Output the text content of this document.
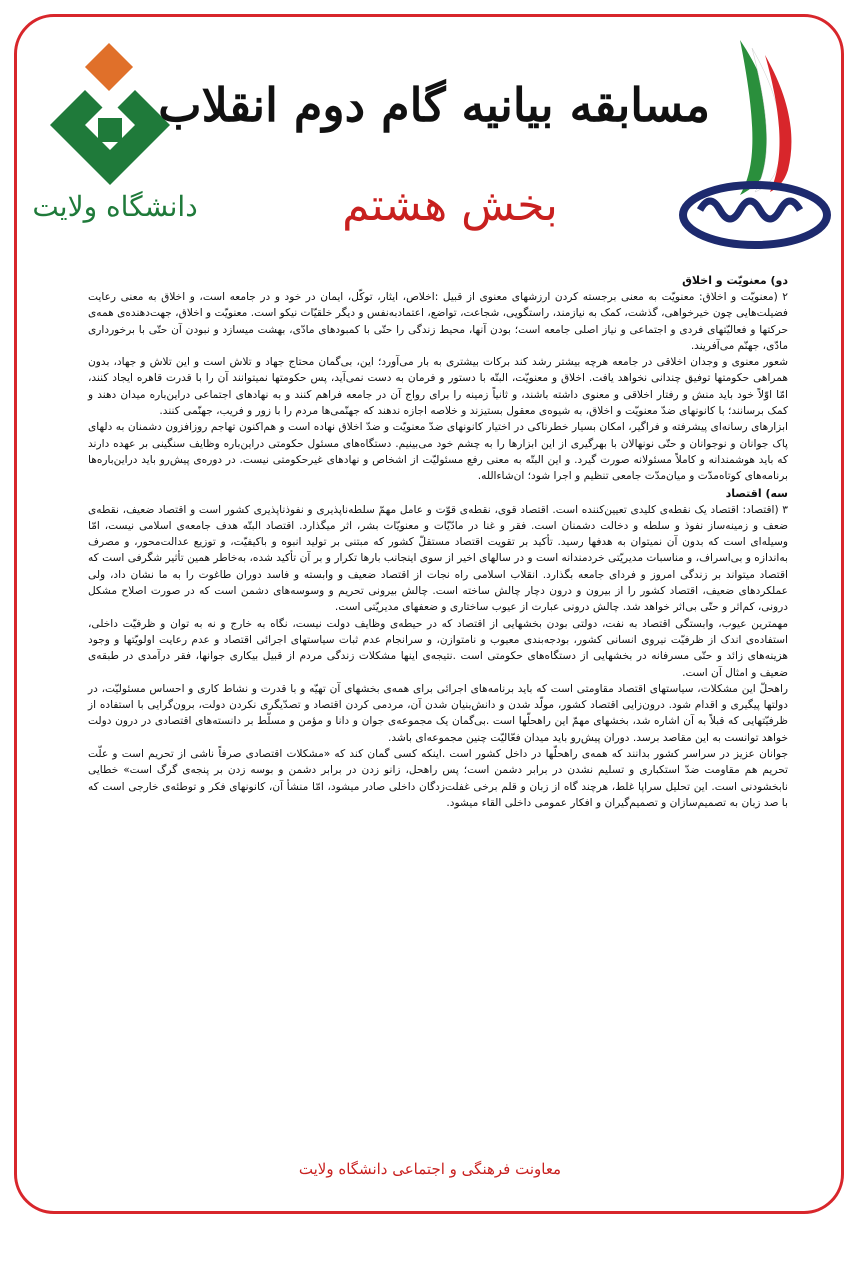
دانشگاه ولایت
مسابقه بیانیه گام دوم انقلاب
بخش هشتم
دو) معنویّت و اخلاق

۲ (معنویّت و اخلاق: معنویّت به معنی برجسته کردن ارزشهای معنوی از قبیل :اخلاص، ایثار، توکّل، ایمان در خود و در جامعه است، و اخلاق به معنی رعایت فضیلت‌هایی چون خیرخواهی، گذشت، کمک به نیازمند، راستگویی، شجاعت، تواضع، اعتمادبه‌نفس و دیگر خلقیّات نیکو است. معنویّت و اخلاق، جهت‌دهنده‌ی همه‌ی حرکتها و فعالیّتهای فردی و اجتماعی و نیاز اصلی جامعه است؛ بودن آنها، محیط زندگی را حتّی با کمبودهای مادّی، بهشت میسازد و نبودن آن حتّی با برخورداری مادّی، جهنّم می‌آفریند.

شعور معنوی و وجدان اخلاقی در جامعه هرچه بیشتر رشد کند برکات بیشتری به بار می‌آورد؛ این، بی‌گمان محتاج جهاد و تلاش است و این تلاش و جهاد، بدون همراهی حکومتها توفیق چندانی نخواهد یافت. اخلاق و معنویّت، البتّه با دستور و فرمان به دست نمی‌آید، پس حکومتها نمیتوانند آن را با قدرت قاهره ایجاد کنند، امّا اوّلاً خود باید منش و رفتار اخلاقی و معنوی داشته باشند، و ثانیاً زمینه را برای رواج آن در جامعه فراهم کنند و به نهادهای اجتماعی دراین‌باره میدان دهند و کمک برسانند؛ با کانونهای ضدّ معنویّت و اخلاق، به شیوه‌ی معقول بستیزند و خلاصه اجازه ندهند که جهنّمی‌ها مردم را با زور و فریب، جهنّمی کنند.

ابزارهای رسانه‌ای پیشرفته و فراگیر، امکان بسیار خطرناکی در اختیار کانونهای ضدّ معنویّت و ضدّ اخلاق نهاده است و هم‌اکنون تهاجم روزافزون دشمنان به دلهای پاک جوانان و نوجوانان و حتّی نونهالان با بهرگیری از این ابزارها را به چشم خود می‌بینیم. دستگاه‌های مسئول حکومتی دراین‌باره وظایف سنگینی بر عهده دارند که باید هوشمندانه و کاملاً مسئولانه صورت گیرد. و این البتّه به معنی رفع مسئولیّت از اشخاص و نهادهای غیرحکومتی نیست. در دوره‌ی پیش‌رو باید دراین‌باره‌ها برنامه‌های کوتاه‌مدّت و میان‌مدّت جامعی تنظیم و اجرا شود؛ ان‌شاءالله.

سه) اقتصاد

۳ (اقتصاد: اقتصاد یک نقطه‌ی کلیدی تعیین‌کننده است. اقتصاد قوی، نقطه‌ی قوّت و عامل مهمّ سلطه‌ناپذیری و نفوذناپذیری کشور است و اقتصاد ضعیف، نقطه‌ی ضعف و زمینه‌ساز نفوذ و سلطه و دخالت دشمنان است. فقر و غنا در مادّیّات و معنویّات بشر، اثر میگذارد. اقتصاد البتّه هدف جامعه‌ی اسلامی نیست، امّا وسیله‌ای است که بدون آن نمیتوان به هدفها رسید. تأکید بر تقویت اقتصاد مستقلّ کشور که مبتنی بر تولید انبوه و باکیفیّت، و توزیع عدالت‌محور، و مصرف به‌اندازه و بی‌اسراف، و مناسبات مدیریّتی خردمندانه است و در سالهای اخیر از سوی اینجانب بارها تکرار و بر آن تأکید شده، به‌خاطر همین تأثیر شگرفی است که اقتصاد میتواند بر زندگی امروز و فردای جامعه بگذارد. انقلاب اسلامی راه نجات از اقتصاد ضعیف و وابسته و فاسد دوران طاغوت را به ما نشان داد، ولی عملکردهای ضعیف، اقتصاد کشور را از بیرون و درون دچار چالش ساخته است. چالش بیرونی تحریم و وسوسه‌های دشمن است که در صورت اصلاح مشکل درونی، کم‌اثر و حتّی بی‌اثر خواهد شد. چالش درونی عبارت از عیوب ساختاری و ضعفهای مدیریّتی است.

مهمترین عیوب، وابستگی اقتصاد به نفت، دولتی بودن بخشهایی از اقتصاد که در حیطه‌ی وظایف دولت نیست، نگاه به خارج و نه به توان و ظرفیّت داخلی، استفاده‌ی اندک از ظرفیّت نیروی انسانی کشور، بودجه‌بندی معیوب و نامتوازن، و سرانجام عدم ثبات سیاستهای اجرائی اقتصاد و عدم رعایت اولویّتها و وجود هزینه‌های زائد و حتّی مسرفانه در بخشهایی از دستگاه‌های حکومتی است .نتیجه‌ی اینها مشکلات زندگی مردم از قبیل بیکاری جوانها، فقر درآمدی در طبقه‌ی ضعیف و امثال آن است.

راهحلّ این مشکلات، سیاستهای اقتصاد مقاومتی است که باید برنامه‌های اجرائی برای همه‌ی بخشهای آن تهیّه و با قدرت و نشاط کاری و احساس مسئولیّت، در دولتها پیگیری و اقدام شود. درون‌زایی اقتصاد کشور، مولّد شدن و دانش‌بنیان شدن آن، مردمی کردن اقتصاد و تصدّیگری نکردن دولت، برون‌گرایی با استفاده از ظرفیّتهایی که قبلاً به آن اشاره شد، بخشهای مهمّ این راهحلّها است .بی‌گمان یک مجموعه‌ی جوان و دانا و مؤمن و مسلّط بر دانسته‌های اقتصادی در درون دولت خواهد توانست به این مقاصد برسد. دوران پیش‌رو باید میدان فعّالیّت چنین مجموعه‌ای باشد.

جوانان عزیز در سراسر کشور بدانند که همه‌ی راهحلّها در داخل کشور است .اینکه کسی گمان کند که «مشکلات اقتصادی صرفاً ناشی از تحریم است و علّت تحریم هم مقاومت ضدّ استکباری و تسلیم نشدن در برابر دشمن است؛ پس راهحل، زانو زدن در برابر دشمن و بوسه زدن بر پنجه‌ی گرگ است» خطایی نابخشودنی است. این تحلیل سراپا غلط، هرچند گاه از زبان و قلم برخی غفلت‌زدگان داخلی صادر میشود، امّا منشأ آن، کانونهای فکر و توطئه‌ی خارجی است که با صد زبان به تصمیم‌سازان و تصمیم‌گیران و افکار عمومی داخلی القاء میشود.

معاونت فرهنگی و اجتماعی دانشگاه ولایت
